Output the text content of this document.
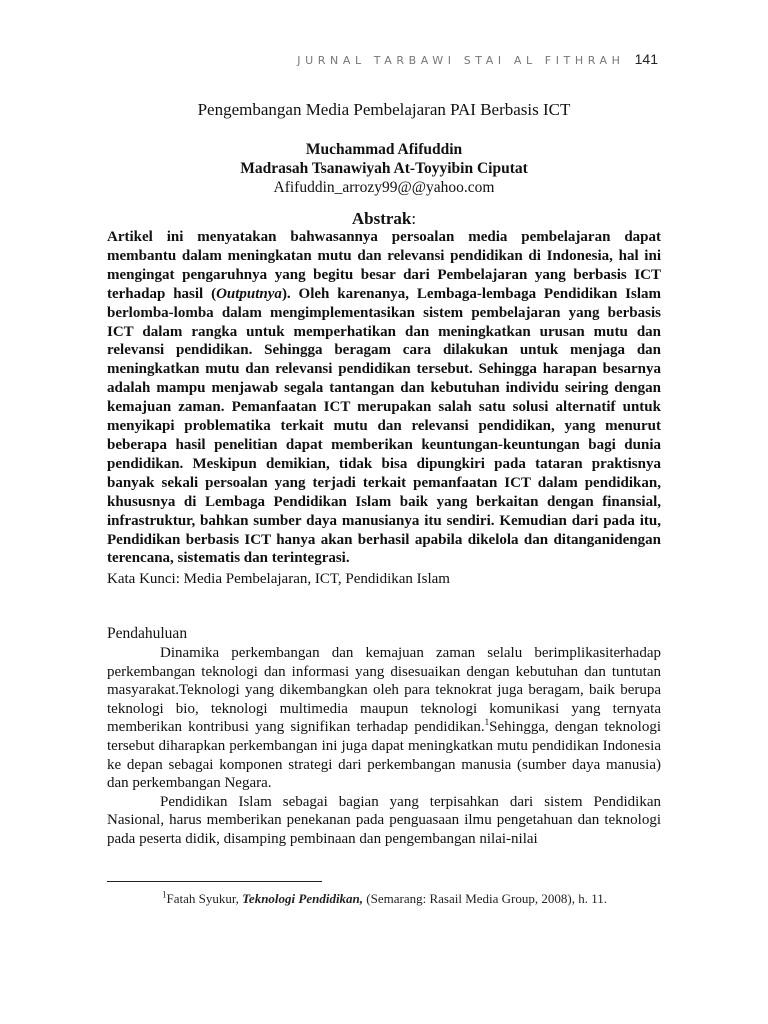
JURNAL TARBAWI STAI AL FITHRAH 141
Pengembangan Media Pembelajaran PAI Berbasis ICT
Muchammad Afifuddin
Madrasah Tsanawiyah At-Toyyibin Ciputat
Afifuddin_arrozy99@@yahoo.com
Abstrak:

Artikel ini menyatakan bahwasannya persoalan media pembelajaran dapat membantu dalam meningkatan mutu dan relevansi pendidikan di Indonesia, hal ini mengingat pengaruhnya yang begitu besar dari Pembelajaran yang berbasis ICT terhadap hasil (Outputnya). Oleh karenanya, Lembaga-lembaga Pendidikan Islam berlomba-lomba dalam mengimplementasikan sistem pembelajaran yang berbasis ICT dalam rangka untuk memperhatikan dan meningkatkan urusan mutu dan relevansi pendidikan. Sehingga beragam cara dilakukan untuk menjaga dan meningkatkan mutu dan relevansi pendidikan tersebut. Sehingga harapan besarnya adalah mampu menjawab segala tantangan dan kebutuhan individu seiring dengan kemajuan zaman. Pemanfaatan ICT merupakan salah satu solusi alternatif untuk menyikapi problematika terkait mutu dan relevansi pendidikan, yang menurut beberapa hasil penelitian dapat memberikan keuntungan-keuntungan bagi dunia pendidikan. Meskipun demikian, tidak bisa dipungkiri pada tataran praktisnya banyak sekali persoalan yang terjadi terkait pemanfaatan ICT dalam pendidikan, khususnya di Lembaga Pendidikan Islam baik yang berkaitan dengan finansial, infrastruktur, bahkan sumber daya manusianya itu sendiri. Kemudian dari pada itu, Pendidikan berbasis ICT hanya akan berhasil apabila dikelola dan ditanganidengan terencana, sistematis dan terintegrasi.

Kata Kunci: Media Pembelajaran, ICT, Pendidikan Islam
Pendahuluan

Dinamika perkembangan dan kemajuan zaman selalu berimplikasiterhadap perkembangan teknologi dan informasi yang disesuaikan dengan kebutuhan dan tuntutan masyarakat.Teknologi yang dikembangkan oleh para teknokrat juga beragam, baik berupa teknologi bio, teknologi multimedia maupun teknologi komunikasi yang ternyata memberikan kontribusi yang signifikan terhadap pendidikan.$^1$Sehingga, dengan teknologi tersebut diharapkan perkembangan ini juga dapat meningkatkan mutu pendidikan Indonesia ke depan sebagai komponen strategi dari perkembangan manusia (sumber daya manusia) dan perkembangan Negara.

Pendidikan Islam sebagai bagian yang terpisahkan dari sistem Pendidikan Nasional, harus memberikan penekanan pada penguasaan ilmu pengetahuan dan teknologi pada peserta didik, disamping pembinaan dan pengembangan nilai-nilai

$^1$Fatah Syukur, Teknologi Pendidikan, (Semarang: Rasail Media Group, 2008), h. 11.
